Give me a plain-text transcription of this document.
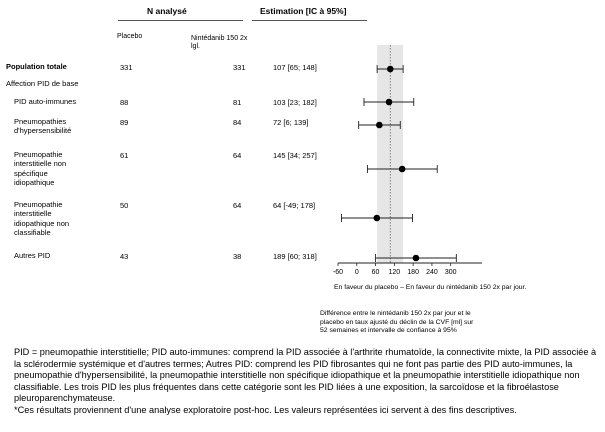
N analysé	Estimation [IC à 95%]
Placebo	Nintédanib 150 2x
lgl.
Population totale	331	331	107 [65; 148]
Affection PID de base
PID auto-immunes	88	81	103 [23; 182]
Pneumopathies
d'hypersensibilité
89	84	72 [6; 139]
Pneumopathie
interstitielle non
spécifique
idiopathique
61	64	145 [34; 257]
Pneumopathie
interstitielle
idiopathique non
classifiable
50	64	64 [-49; 178]
Autres PID	43	38	189 [60; 318]
-60 0 60 120 180 240 300
En faveur du placebo – En faveur du nintédanib 150 2x par jour.
Différence entre le nintédanib 150 2x par jour et le
placebo en taux ajusté du déclin de la CVF [ml] sur
52 semaines et intervalle de confiance à 95%

PID = pneumopathie interstitielle; PID auto-immunes: comprend la PID associée à l'arthrite rhumatoïde, la connectivite mixte, la PID associée à la sclérodermie systémique et d'autres termes; Autres PID: comprend les PID fibrosantes qui ne font pas partie des PID auto-immunes, la pneumopathie d'hypersensibilité, la pneumopathie interstitielle non spécifique idiopathique et la pneumopathie interstitielle idiopathique non classifiable. Les trois PID les plus fréquentes dans cette catégorie sont les PID liées à une exposition, la sarcoïdose et la fibroélastose pleuroparenchymateuse.

*Ces résultats proviennent d'une analyse exploratoire post-hoc. Les valeurs représentées ici servent à des fins descriptives.
